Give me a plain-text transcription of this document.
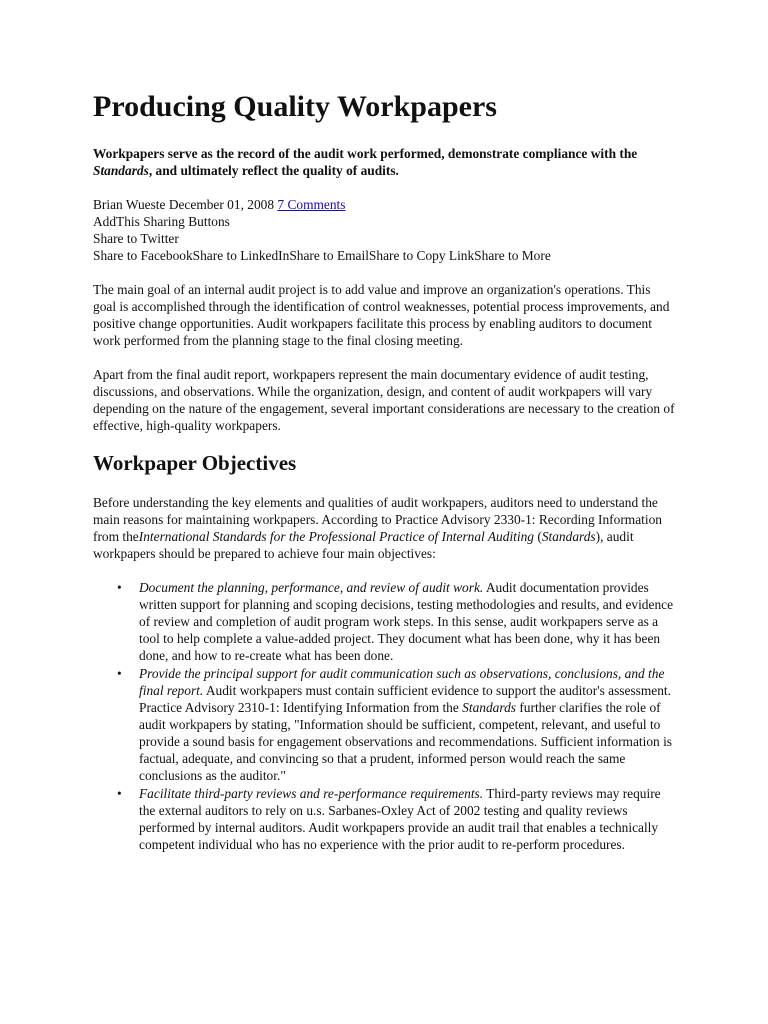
Producing Quality Workpapers
Workpapers serve as the record of the audit work performed, demonstrate compliance with the Standards, and ultimately reflect the quality of audits.
Brian Wueste December 01, 2008 7 Comments
AddThis Sharing Buttons
Share to Twitter
Share to FacebookShare to LinkedInShare to EmailShare to Copy LinkShare to More

The main goal of an internal audit project is to add value and improve an organization's operations. This goal is accomplished through the identification of control weaknesses, potential process improvements, and positive change opportunities. Audit workpapers facilitate this process by enabling auditors to document work performed from the planning stage to the final closing meeting.

Apart from the final audit report, workpapers represent the main documentary evidence of audit testing, discussions, and observations. While the organization, design, and content of audit workpapers will vary depending on the nature of the engagement, several important considerations are necessary to the creation of effective, high-quality workpapers.

Workpaper Objectives

Before understanding the key elements and qualities of audit workpapers, auditors need to understand the main reasons for maintaining workpapers. According to Practice Advisory 2330-1: Recording Information from theInternational Standards for the Professional Practice of Internal Auditing (Standards), audit workpapers should be prepared to achieve four main objectives:

• Document the planning, performance, and review of audit work. Audit documentation provides written support for planning and scoping decisions, testing methodologies and results, and evidence of review and completion of audit program work steps. In this sense, audit workpapers serve as a tool to help complete a value-added project. They document what has been done, why it has been done, and how to re-create what has been done.
• Provide the principal support for audit communication such as observations, conclusions, and the final report. Audit workpapers must contain sufficient evidence to support the auditor's assessment. Practice Advisory 2310-1: Identifying Information from the Standards further clarifies the role of audit workpapers by stating, "Information should be sufficient, competent, relevant, and useful to provide a sound basis for engagement observations and recommendations. Sufficient information is factual, adequate, and convincing so that a prudent, informed person would reach the same conclusions as the auditor."
• Facilitate third-party reviews and re-performance requirements. Third-party reviews may require the external auditors to rely on u.s. Sarbanes-Oxley Act of 2002 testing and quality reviews performed by internal auditors. Audit workpapers provide an audit trail that enables a technically competent individual who has no experience with the prior audit to re-perform procedures.
